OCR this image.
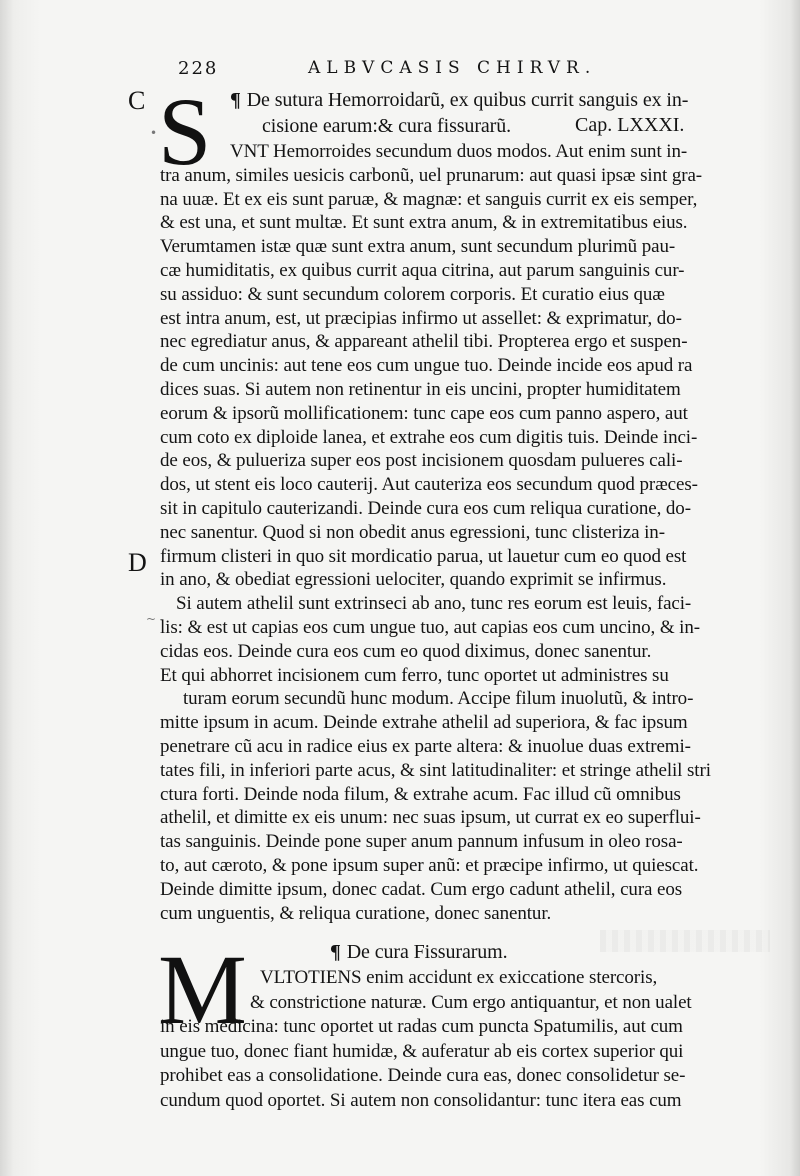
228	ALBVCASIS CHIRVR.
C
D
•
~ -
S ¶ De sutura Hemorroidarũ, ex quibus currit sanguis ex in-
cisione earum:& cura fissurarũ.	Cap. LXXXI.
VNT Hemorroides secundum duos modos. Aut enim sunt in-
tra anum, similes uesicis carbonũ, uel prunarum: aut quasi ipsæ sint gra-
na uuæ. Et ex eis sunt paruæ, & magnæ: et sanguis currit ex eis semper,
& est una, et sunt multæ. Et sunt extra anum, & in extremitatibus eius.
Verumtamen istæ quæ sunt extra anum, sunt secundum plurimũ pau-
cæ humiditatis, ex quibus currit aqua citrina, aut parum sanguinis cur-
su assiduo: & sunt secundum colorem corporis. Et curatio eius quæ
est intra anum, est, ut præcipias infirmo ut assellet: & exprimatur, do-
nec egrediatur anus, & appareant athelil tibi. Propterea ergo et suspen-
de cum uncinis: aut tene eos cum ungue tuo. Deinde incide eos apud ra
dices suas. Si autem non retinentur in eis uncini, propter humiditatem
eorum & ipsorũ mollificationem: tunc cape eos cum panno aspero, aut
cum coto ex diploide lanea, et extrahe eos cum digitis tuis. Deinde inci-
de eos, & pulueriza super eos post incisionem quosdam pulueres cali-
dos, ut stent eis loco cauterij. Aut cauteriza eos secundum quod præces-
sit in capitulo cauterizandi. Deinde cura eos cum reliqua curatione, do-
nec sanentur. Quod si non obedit anus egressioni, tunc clisteriza in-
firmum clisteri in quo sit mordicatio parua, ut lauetur cum eo quod est
in ano, & obediat egressioni uelociter, quando exprimit se infirmus.
Si autem athelil sunt extrinseci ab ano, tunc res eorum est leuis, faci-
lis: & est ut capias eos cum ungue tuo, aut capias eos cum uncino, & in-
cidas eos. Deinde cura eos cum eo quod diximus, donec sanentur.
Et qui abhorret incisionem cum ferro, tunc oportet ut administres su
turam eorum secundũ hunc modum. Accipe filum inuolutũ, & intro-
mitte ipsum in acum. Deinde extrahe athelil ad superiora, & fac ipsum
penetrare cũ acu in radice eius ex parte altera: & inuolue duas extremi-
tates fili, in inferiori parte acus, & sint latitudinaliter: et stringe athelil stri
ctura forti. Deinde noda filum, & extrahe acum. Fac illud cũ omnibus
athelil, et dimitte ex eis unum: nec suas ipsum, ut currat ex eo superflui-
tas sanguinis. Deinde pone super anum pannum infusum in oleo rosa-
to, aut cæroto, & pone ipsum super anũ: et præcipe infirmo, ut quiescat.
Deinde dimitte ipsum, donec cadat. Cum ergo cadunt athelil, cura eos
cum unguentis, & reliqua curatione, donec sanentur.
¶ De cura Fissurarum.
M VLTOTIENS enim accidunt ex exiccatione stercoris,
& constrictione naturæ. Cum ergo antiquantur, et non ualet
in eis medicina: tunc oportet ut radas cum puncta Spatumilis, aut cum
ungue tuo, donec fiant humidæ, & auferatur ab eis cortex superior qui
prohibet eas a consolidatione. Deinde cura eas, donec consolidetur se-
cundum quod oportet. Si autem non consolidantur: tunc itera eas cum
